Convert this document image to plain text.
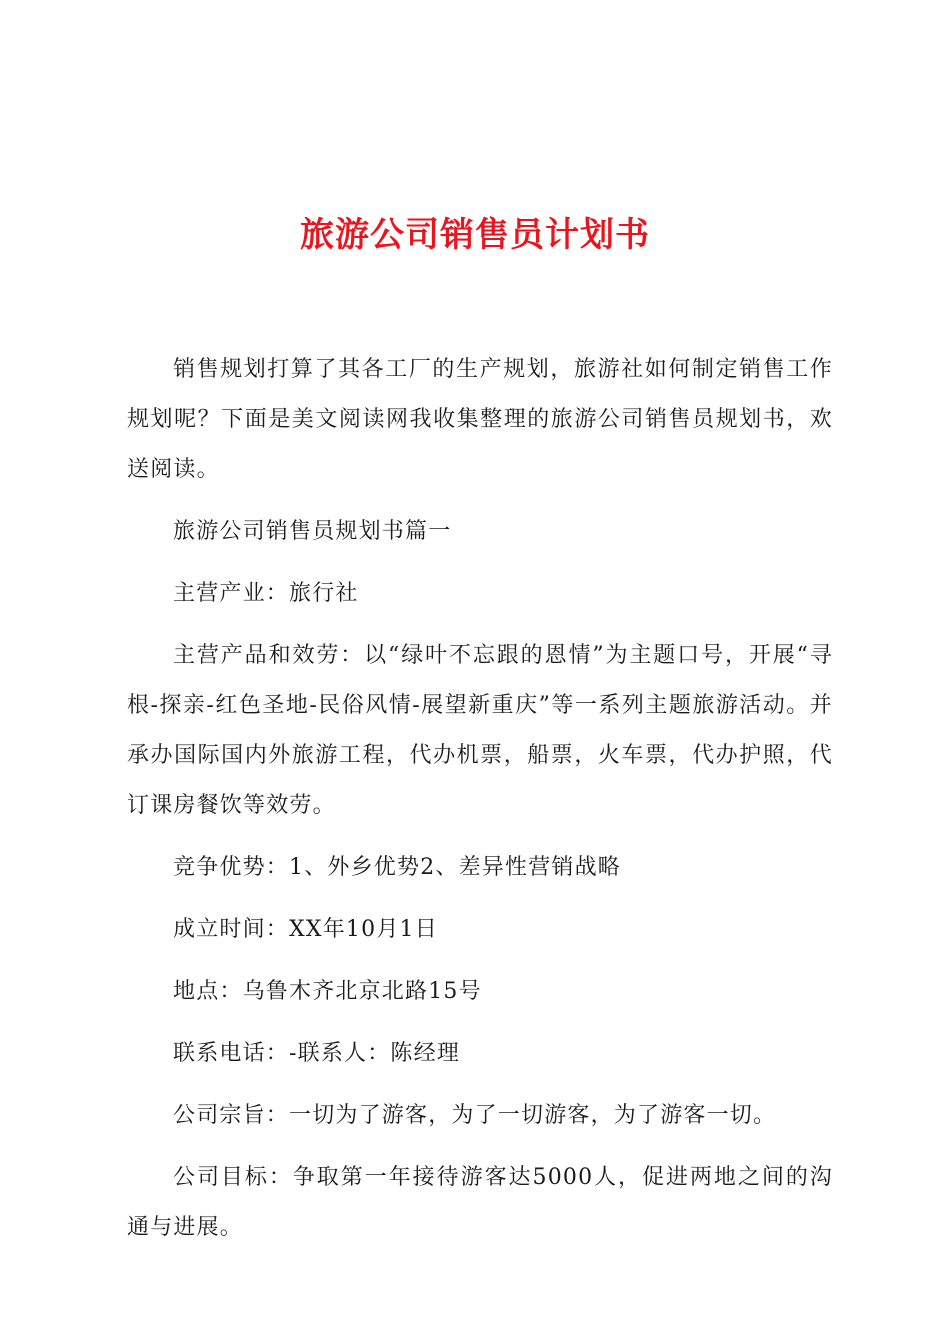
旅游公司销售员计划书

销售规划打算了其各工厂的生产规划，旅游社如何制定销售工作规划呢？下面是美文阅读网我收集整理的旅游公司销售员规划书，欢送阅读。

旅游公司销售员规划书篇一

主营产业：旅行社

主营产品和效劳：以“绿叶不忘跟的恩情”为主题口号，开展“寻根-探亲-红色圣地-民俗风情-展望新重庆”等一系列主题旅游活动。并承办国际国内外旅游工程，代办机票，船票，火车票，代办护照，代订课房餐饮等效劳。

竞争优势：1、外乡优势2、差异性营销战略

成立时间：XX年10月1日

地点：乌鲁木齐北京北路15号

联系电话：-联系人：陈经理

公司宗旨：一切为了游客，为了一切游客，为了游客一切。

公司目标：争取第一年接待游客达5000人，促进两地之间的沟通与进展。
